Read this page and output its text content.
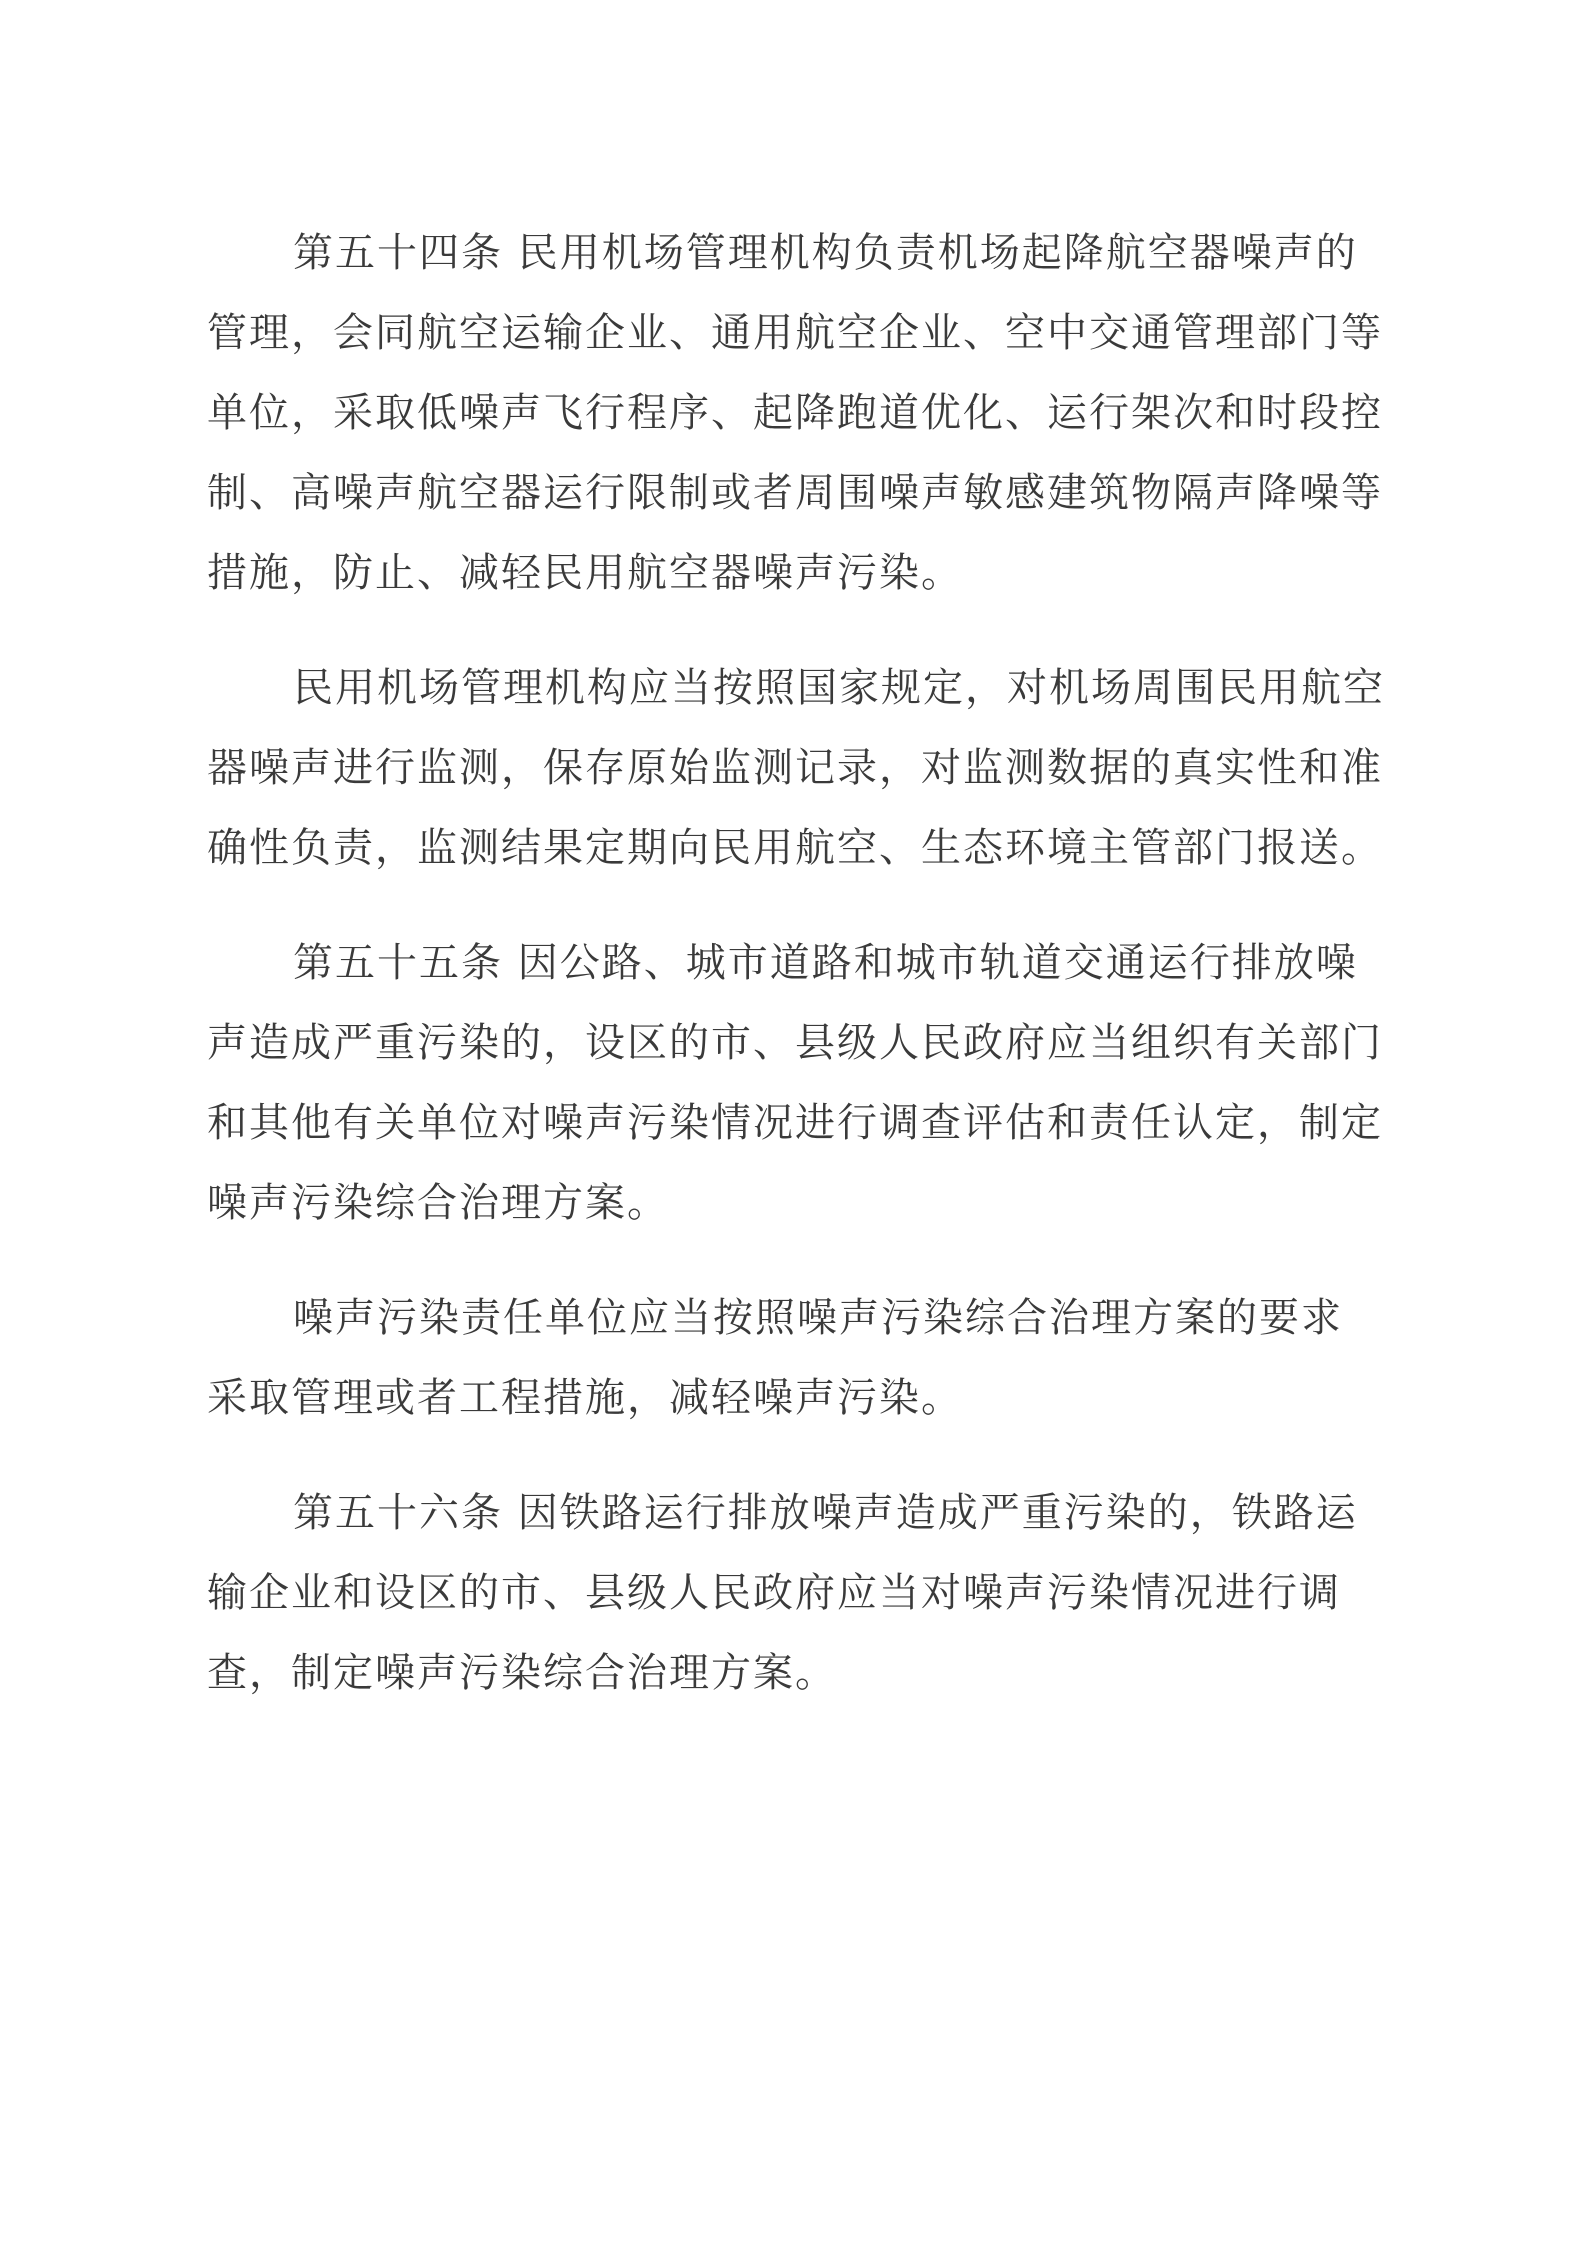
第五十四条 民用机场管理机构负责机场起降航空器噪声的
管理，会同航空运输企业、通用航空企业、空中交通管理部门等
单位，采取低噪声飞行程序、起降跑道优化、运行架次和时段控
制、高噪声航空器运行限制或者周围噪声敏感建筑物隔声降噪等
措施，防止、减轻民用航空器噪声污染。
民用机场管理机构应当按照国家规定，对机场周围民用航空
器噪声进行监测，保存原始监测记录，对监测数据的真实性和准
确性负责，监测结果定期向民用航空、生态环境主管部门报送。
第五十五条 因公路、城市道路和城市轨道交通运行排放噪
声造成严重污染的，设区的市、县级人民政府应当组织有关部门
和其他有关单位对噪声污染情况进行调查评估和责任认定，制定
噪声污染综合治理方案。
噪声污染责任单位应当按照噪声污染综合治理方案的要求
采取管理或者工程措施，减轻噪声污染。
第五十六条 因铁路运行排放噪声造成严重污染的，铁路运
输企业和设区的市、县级人民政府应当对噪声污染情况进行调
查，制定噪声污染综合治理方案。
